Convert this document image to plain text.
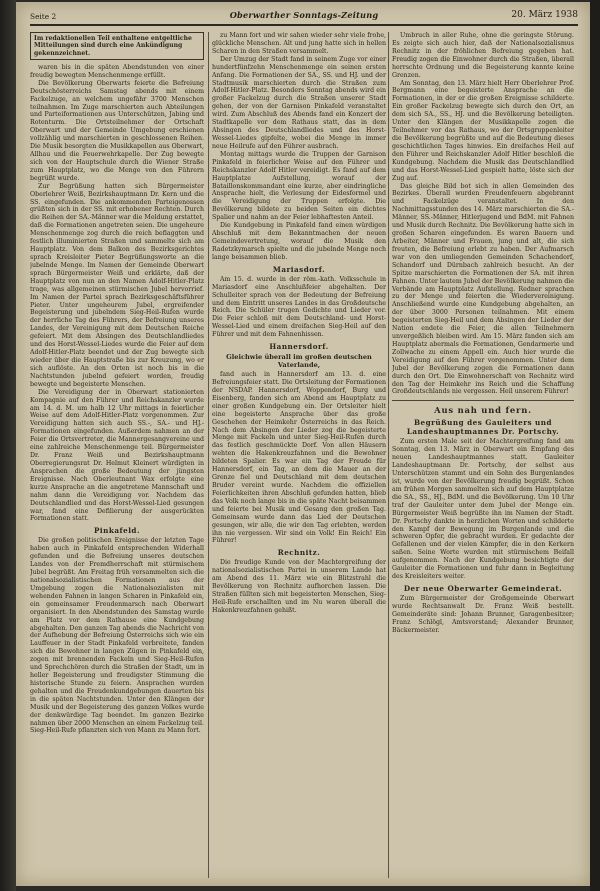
Seite 2	Oberwarther Sonntags-Zeitung	20. März 1938
Im redaktionellen Teil enthaltene entgeltliche Mitteilungen sind durch eine Ankündigung gekennzeichnet.

waren bis in die späten Abendstunden von einer freudig bewegten Menschenmenge erfüllt.

Die Bevölkerung Oberwarts feierte die Befreiung Deutschösterreichs Samstag abends mit einem Fackelzuge, an welchem ungefähr 3700 Menschen teilnahmen. Im Zuge marschierten auch Abteilungen und Parteiformationen aus Unterschützen, Jabing und Rotenturm. Die Ortsteilnehmer der Ortschaft Oberwart und der Gemeinde Umgebung erschienen vollzählig und marschierten in geschlossenen Reihen. Die Musik besorgten die Musikkapellen aus Oberwart, Allhau und die Feuerwehrkapelle. Der Zug bewegte sich von der Hauptschule durch die Wiener Straße zum Hauptplatz, wo die Menge von den Führern begrüßt wurde.

Zur Begrüßung hatten sich Bürgermeister Oberlehrer Weiß, Bezirkshauptmann Dr. Kern und die SS. eingefunden. Die ankommenden Parteigenossen grüßten sich in der SS. mit erhobener Rechten. Durch die Reihen der SA.-Männer war die Meldung erstattet, daß die Formationen angetreten seien. Die ungeheure Menschenmenge zog durch die reich beflaggten und festlich illuminierten Straßen und sammelte sich am Hauptplatz. Von dem Balkon des Bezirksgerichtes sprach Kreisleiter Pieter Begrüßungsworte an die jubelnde Menge. Im Namen der Gemeinde Oberwart sprach Bürgermeister Weiß und erklärte, daß der Hauptplatz von nun an den Namen Adolf-Hitler-Platz trage, was allgemeinen stürmischen Jubel hervorrief. Im Namen der Partei sprach Bezirksgeschäftsführer Pieter. Unter ungeheurem Jubel, ergreifender Begeisterung und jubelndem Sieg-Heil-Rufen wurde der herrliche Tag des Führers, der Befreiung unseres Landes, der Vereinigung mit dem Deutschen Reiche gefeiert. Mit dem Absingen des Deutschlandliedes und des Horst-Wessel-Liedes wurde die Feier auf dem Adolf-Hitler-Platz beendet und der Zug bewegte sich wieder über die Hauptstraße bis zur Kreuzung, wo er sich auflöste. An den Orten ist noch bis in die Nachtstunden jubelnd gefeiert worden, freudig bewegte und begeisterte Menschen.

Die Vereidigung der in Oberwart stationierten Kompagnie auf den Führer und Reichskanzler wurde am 14. d. M. um halb 12 Uhr mittags in feierlicher Weise auf dem Adolf-Hitler-Platz vorgenommen. Zur Vereidigung hatten sich auch SS.-, SA.- und HJ.-Formationen eingefunden. Außerdem nahmen an der Feier die Ortsvertreter, die Mannergesangvereine und eine zahlreiche Menschenmenge teil. Bürgermeister Dr. Franz Weiß und Bezirkshauptmann Oberregierungsrat Dr. Helmut Kleinert würdigten in Ansprachen die große Bedeutung der jüngsten Ereignisse. Nach Oberleutnant Wax erfolgte eine kurze Ansprache an die angetretene Mannschaft und nahm dann die Vereidigung vor. Nachdem das Deutschlandlied und das Horst-Wessel-Lied gesungen war, fand eine Defilierung der ausgerückten Formationen statt.

Pinkafeld.

Die großen politischen Ereignisse der letzten Tage haben auch in Pinkafeld entsprechenden Widerhall gefunden und die Befreiung unseres deutschen Landes von der Fremdherrschaft mit stürmischem Jubel begrüßt. Am Freitag früh versammelten sich die nationalsozialistischen Formationen aus der Umgebung zogen die Nationalsozialisten mit wehenden Fahnen in langen Scharen in Pinkafeld ein, ein gemeinsamer Freudenmarsch nach Oberwart organisiert. In den Abendstunden des Samstag wurde am Platz vor dem Rathause eine Kundgebung abgehalten. Den ganzen Tag abends die Nachricht von der Aufhebung der Befreiung Österreichs sich wie ein Lauffeuer in der Stadt Pinkafeld verbreitete, fanden sich die Bewohner in langen Zügen in Pinkafeld ein, zogen mit brennenden Fackeln und Sieg-Heil-Rufen und Sprechchören durch die Straßen der Stadt, um in heller Begeisterung und freudigster Stimmung die historische Stunde zu feiern. Ansprachen wurden gehalten und die Freudenkundgebungen dauerten bis in die späten Nachtstunden. Unter den Klängen der Musik und der Begeisterung des ganzen Volkes wurde der denkwürdige Tag beendet. Im ganzen Bezirke nahmen über 2000 Menschen an einem Fackelzug teil. Sieg-Heil-Rufe pflanzten sich von Mann zu Mann fort.

zu Mann fort und wir sahen wieder sehr viele frohe, glückliche Menschen. Alt und jung hatte sich in hellen Scharen in den Straßen versammelt.

Der Umzug der Stadt fand in seinem Zuge vor einer hundertfünfzehn Menschenmenge ein seinen ersten Anfang. Die Formationen der SA., SS. und HJ. und der Stadtmusik marschierten durch die Straßen zum Adolf-Hitler-Platz. Besonders Sonntag abends wird ein großer Fackelzug durch die Straßen unserer Stadt gehen, der von der Garnison Pinkafeld veranstaltet wird. Zum Abschluß des Abends fand ein Konzert der Stadtkapelle vor dem Rathaus statt, das in dem Absingen des Deutschlandliedes und des Horst-Wessel-Liedes gipfelte, wobei die Menge in immer neue Heilrufe auf den Führer ausbrach.

Montag mittags wurde die Truppen der Garnison Pinkafeld in feierlicher Weise auf den Führer und Reichskanzler Adolf Hitler vereidigt. Es fand auf dem Hauptplatze Aufstellung, worauf der Bataillonskommandant eine kurze, aber eindringliche Ansprache hielt, die Verlesung der Eidesformel und die Vereidigung der Truppen erfolgte. Die Bevölkerung bildete zu beiden Seiten ein dichtes Spalier und nahm an der Feier lebhaftesten Anteil.

Die Kundgebung in Pinkafeld fand einen würdigen Abschluß mit dem Bekanntmachen der neuen Gemeindevertretung, worauf die Musik den Radetzkymarsch spielte und die jubelnde Menge noch lange beisammen blieb.

Mariasdorf.

Am 15. d. wurde in der röm.-kath. Volksschule in Mariasdorf eine Anschlußfeier abgehalten. Der Schulleiter sprach von der Bedeutung der Befreiung und dem Eintritt unseres Landes in das Großdeutsche Reich. Die Schüler trugen Gedichte und Lieder vor. Die Feier schloß mit dem Deutschland- und Horst-Wessel-Lied und einem dreifachen Sieg-Heil auf den Führer und mit dem Fahnenhissen.

Hannersdorf.

Gleichwie überall im großen deutschen Vaterlande,

fand auch in Hannersdorf am 13. d. eine Befreiungsfeier statt. Die Ortsleitung der Formationen der NSDAP. Hannersdorf, Woppendorf, Burg und Eisenberg, fanden sich am Abend am Hauptplatz zu einer großen Kundgebung ein. Der Ortsleiter hielt eine begeisterte Ansprache über das große Geschehen der Heimkehr Österreichs in das Reich. Nach dem Absingen der Lieder zog die begeisterte Menge mit Fackeln und unter Sieg-Heil-Rufen durch das festlich geschmückte Dorf. Von allen Häusern wehten die Hakenkreuzfahnen und die Bewohner bildeten Spalier. Es war ein Tag der Freude für Hannersdorf, ein Tag, an dem die Mauer an der Grenze fiel und Deutschland mit dem deutschen Bruder vereint wurde. Nachdem die offiziellen Feierlichkeiten ihren Abschluß gefunden hatten, blieb das Volk noch lange bis in die späte Nacht beisammen und feierte bei Musik und Gesang den großen Tag. Gemeinsam wurde dann das Lied der Deutschen gesungen, wir alle, die wir den Tag erlebten, werden ihn nie vergessen. Wir sind ein Volk! Ein Reich! Ein Führer!

Rechnitz.

Die freudige Kunde von der Machtergreifung der nationalsozialistischen Partei in unserem Lande hat am Abend des 11. März wie ein Blitzstrahl die Bevölkerung von Rechnitz aufhorchen lassen. Die Straßen füllten sich mit begeisterten Menschen, Sieg-Heil-Rufe erschallten und im Nu waren überall die Hakenkreuzfahnen gehißt.

Umbruch in aller Ruhe, ohne die geringste Störung. Es zeigte sich auch hier, daß der Nationalsozialismus Rechnitz in der fröhlichen Befreiung gegeben hat. Freudig zogen die Einwohner durch die Straßen, überall herrschte Ordnung und die Begeisterung kannte keine Grenzen.

Am Sonntag, den 13. März hielt Herr Oberlehrer Prof. Bergmann eine begeisterte Ansprache an die Formationen, in der er die großen Ereignisse schilderte. Ein großer Fackelzug bewegte sich durch den Ort, an dem sich SA., SS., HJ. und die Bevölkerung beteiligten. Unter den Klängen der Musikkapelle zogen die Teilnehmer vor das Rathaus, wo der Ortsgruppenleiter die Bevölkerung begrüßte und auf die Bedeutung dieses geschichtlichen Tages hinwies. Ein dreifaches Heil auf den Führer und Reichskanzler Adolf Hitler beschloß die Kundgebung. Nachdem die Musik das Deutschlandlied und das Horst-Wessel-Lied gespielt hatte, löste sich der Zug auf.

Das gleiche Bild bot sich in allen Gemeinden des Bezirkes. Überall wurden Freudenfeuern abgebrannt und Fackelzüge veranstaltet. In den Nachmittagsstunden des 14. März marschierten die SA.-Männer, SS.-Männer, Hitlerjugend und BdM. mit Fahnen und Musik durch Rechnitz. Die Bevölkerung hatte sich in großen Scharen eingefunden. Es waren Bauern und Arbeiter, Männer und Frauen, jung und alt, die sich freuten, die Befreiung erlebt zu haben. Der Aufmarsch war von den umliegenden Gemeinden Schachendorf, Schandorf und Dürnbach zahlreich besucht. An der Spitze marschierten die Formationen der SA. mit ihren Fahnen. Unter lautem Jubel der Bevölkerung nahmen die Verbände am Hauptplatz Aufstellung. Redner sprachen zu der Menge und feierten die Wiedervereinigung. Anschließend wurde eine Kundgebung abgehalten, an der über 3000 Personen teilnahmen. Mit einem begeisterten Sieg-Heil und dem Absingen der Lieder der Nation endete die Feier, die allen Teilnehmern unvergeßlich bleiben wird. Am 15. März fanden sich am Hauptplatz abermals die Formationen, Gendarmerie und Zollwache zu einem Appell ein. Auch hier wurde die Vereidigung auf den Führer vorgenommen. Unter dem Jubel der Bevölkerung zogen die Formationen dann durch den Ort. Die Einwohnerschaft von Rechnitz wird den Tag der Heimkehr ins Reich und die Schaffung Großdeutschlands nie vergessen. Heil unserem Führer!

Aus nah und fern.
Begrüßung des Gauleiters und Landeshauptmannes Dr. Portschy.

Zum ersten Male seit der Machtergreifung fand am Sonntag, den 13. März in Oberwart ein Empfang des neuen Landeshauptmannes statt. Gauleiter Landeshauptmann Dr. Portschy, der selbst aus Unterschützen stammt und ein Sohn des Burgenlandes ist, wurde von der Bevölkerung freudig begrüßt. Schon am frühen Morgen sammelten sich auf dem Hauptplatze die SA., SS., HJ., BdM. und die Bevölkerung. Um 10 Uhr traf der Gauleiter unter dem Jubel der Menge ein. Bürgermeister Weiß begrüßte ihn im Namen der Stadt. Dr. Portschy dankte in herzlichen Worten und schilderte den Kampf der Bewegung im Burgenlande und die schweren Opfer, die gebracht wurden. Er gedachte der Gefallenen und der vielen Kämpfer, die in den Kerkern saßen. Seine Worte wurden mit stürmischem Beifall aufgenommen. Nach der Kundgebung besichtigte der Gauleiter die Formationen und fuhr dann in Begleitung des Kreisleiters weiter.

Der neue Oberwarter Gemeinderat.

Zum Bürgermeister der Großgemeinde Oberwart wurde Rechtsanwalt Dr. Franz Weiß bestellt. Gemeinderäte sind: Johann Brunner, Garagenbesitzer; Franz Schlögl, Amtsvorstand; Alexander Brunner, Bäckermeister.
